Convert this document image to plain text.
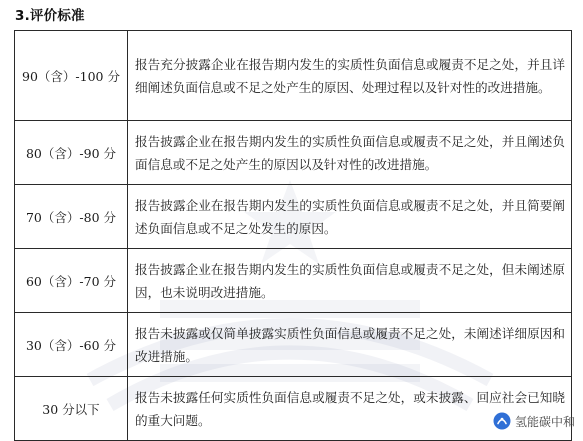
3.评价标准
90（含）-100 分	报告充分披露企业在报告期内发生的实质性负面信息或履责不足之处，并且详细阐述负面信息或不足之处产生的原因、处理过程以及针对性的改进措施。
80（含）-90 分	报告披露企业在报告期内发生的实质性负面信息或履责不足之处，并且阐述负面信息或不足之处产生的原因以及针对性的改进措施。
70（含）-80 分	报告披露企业在报告期内发生的实质性负面信息或履责不足之处，并且简要阐述负面信息或不足之处发生的原因。
60（含）-70 分	报告披露企业在报告期内发生的实质性负面信息或履责不足之处，但未阐述原因，也未说明改进措施。
30（含）-60 分	报告未披露或仅简单披露实质性负面信息或履责不足之处，未阐述详细原因和改进措施。
30 分以下	报告未披露任何实质性负面信息或履责不足之处，或未披露、回应社会已知晓的重大问题。	氢能碳中和
